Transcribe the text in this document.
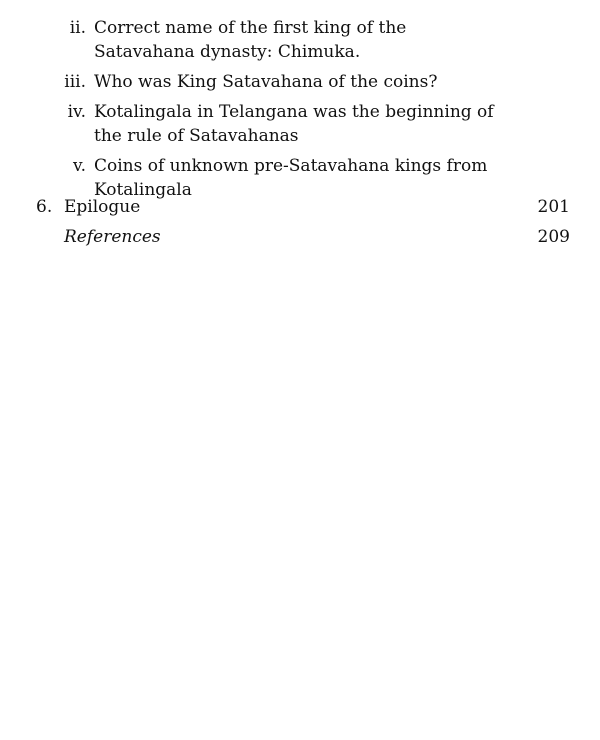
ii. Correct name of the first king of the Satavahana dynasty: Chimuka.
iii. Who was King Satavahana of the coins?
iv. Kotalingala in Telangana was the beginning of the rule of Satavahanas
v. Coins of unknown pre-Satavahana kings from Kotalingala
6. Epilogue	201
References	209
